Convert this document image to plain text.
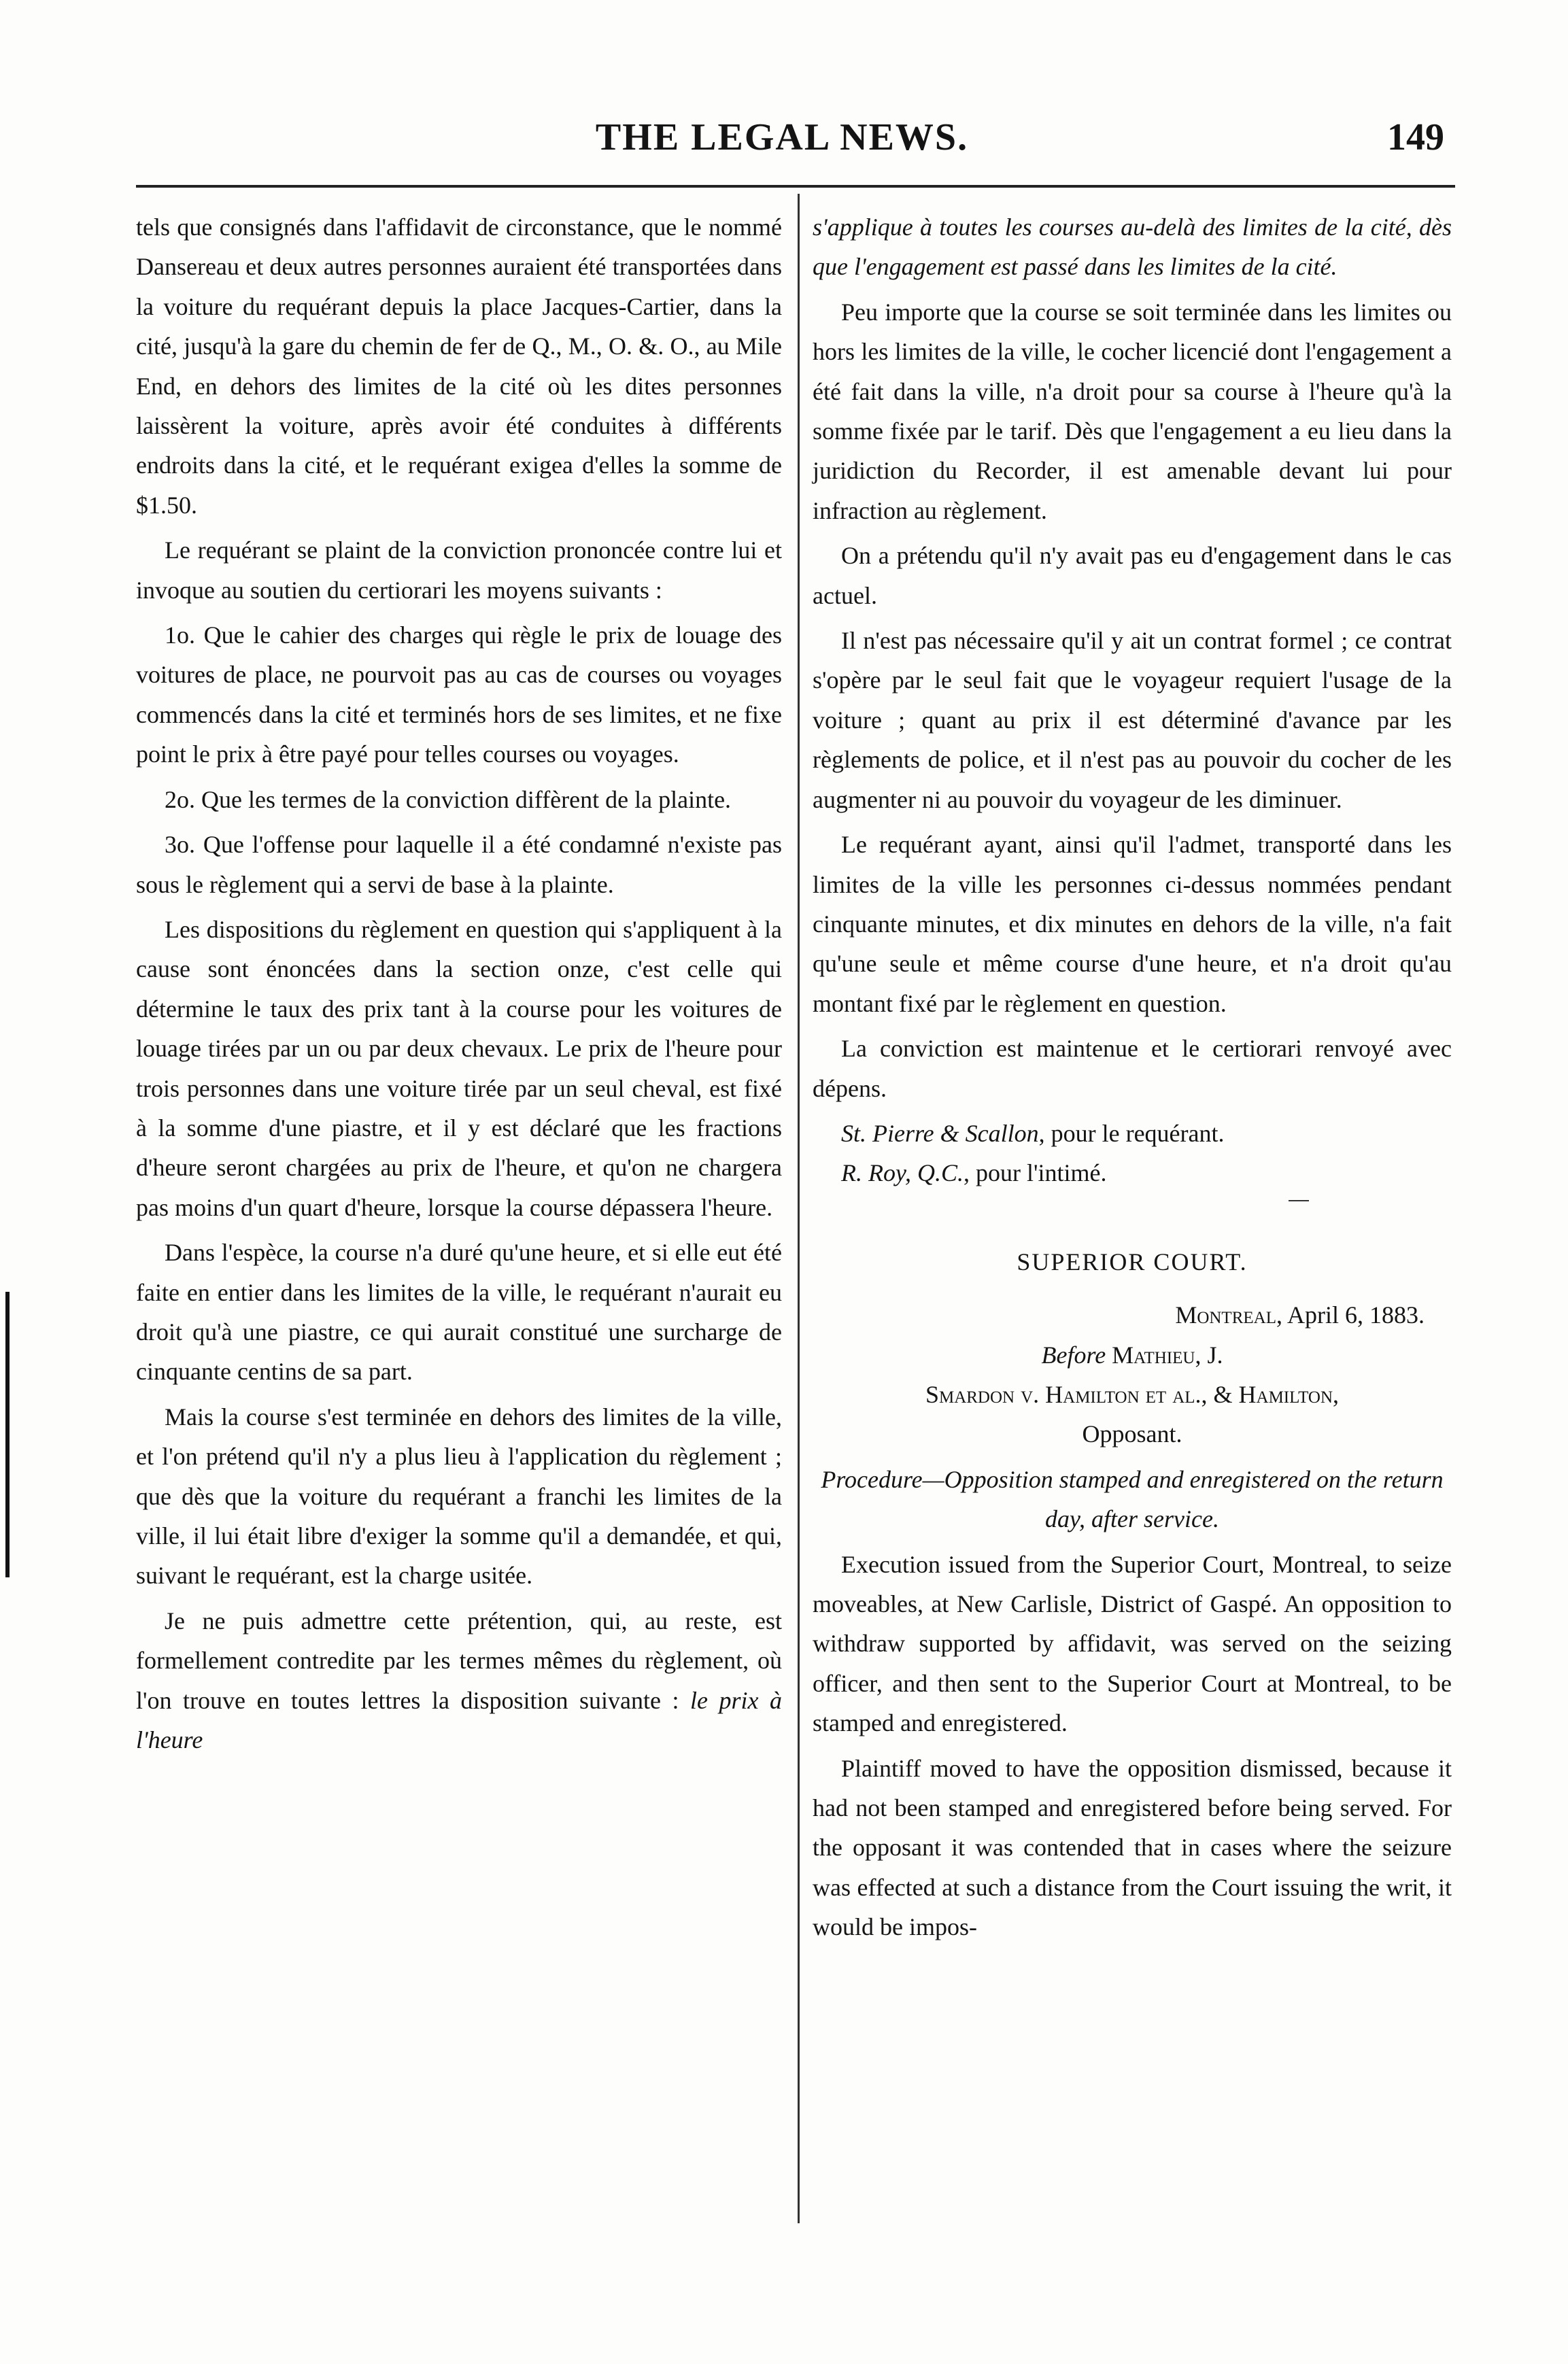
THE LEGAL NEWS.	149

tels que consignés dans l'affidavit de circonstance, que le nommé Dansereau et deux autres personnes auraient été transportées dans la voiture du requérant depuis la place Jacques-Cartier, dans la cité, jusqu'à la gare du chemin de fer de Q., M., O. &. O., au Mile End, en dehors des limites de la cité où les dites personnes laissèrent la voiture, après avoir été conduites à différents endroits dans la cité, et le requérant exigea d'elles la somme de $1.50.

Le requérant se plaint de la conviction prononcée contre lui et invoque au soutien du certiorari les moyens suivants :

1o. Que le cahier des charges qui règle le prix de louage des voitures de place, ne pourvoit pas au cas de courses ou voyages commencés dans la cité et terminés hors de ses limites, et ne fixe point le prix à être payé pour telles courses ou voyages.

2o. Que les termes de la conviction diffèrent de la plainte.

3o. Que l'offense pour laquelle il a été condamné n'existe pas sous le règlement qui a servi de base à la plainte.

Les dispositions du règlement en question qui s'appliquent à la cause sont énoncées dans la section onze, c'est celle qui détermine le taux des prix tant à la course pour les voitures de louage tirées par un ou par deux chevaux. Le prix de l'heure pour trois personnes dans une voiture tirée par un seul cheval, est fixé à la somme d'une piastre, et il y est déclaré que les fractions d'heure seront chargées au prix de l'heure, et qu'on ne chargera pas moins d'un quart d'heure, lorsque la course dépassera l'heure.

Dans l'espèce, la course n'a duré qu'une heure, et si elle eut été faite en entier dans les limites de la ville, le requérant n'aurait eu droit qu'à une piastre, ce qui aurait constitué une surcharge de cinquante centins de sa part.

Mais la course s'est terminée en dehors des limites de la ville, et l'on prétend qu'il n'y a plus lieu à l'application du règlement ; que dès que la voiture du requérant a franchi les limites de la ville, il lui était libre d'exiger la somme qu'il a demandée, et qui, suivant le requérant, est la charge usitée.

Je ne puis admettre cette prétention, qui, au reste, est formellement contredite par les termes mêmes du règlement, où l'on trouve en toutes lettres la disposition suivante : le prix à l'heure

s'applique à toutes les courses au-delà des limites de la cité, dès que l'engagement est passé dans les limites de la cité.

Peu importe que la course se soit terminée dans les limites ou hors les limites de la ville, le cocher licencié dont l'engagement a été fait dans la ville, n'a droit pour sa course à l'heure qu'à la somme fixée par le tarif. Dès que l'engagement a eu lieu dans la juridiction du Recorder, il est amenable devant lui pour infraction au règlement.

On a prétendu qu'il n'y avait pas eu d'engagement dans le cas actuel.

Il n'est pas nécessaire qu'il y ait un contrat formel ; ce contrat s'opère par le seul fait que le voyageur requiert l'usage de la voiture ; quant au prix il est déterminé d'avance par les règlements de police, et il n'est pas au pouvoir du cocher de les augmenter ni au pouvoir du voyageur de les diminuer.

Le requérant ayant, ainsi qu'il l'admet, transporté dans les limites de la ville les personnes ci-dessus nommées pendant cinquante minutes, et dix minutes en dehors de la ville, n'a fait qu'une seule et même course d'une heure, et n'a droit qu'au montant fixé par le règlement en question.

La conviction est maintenue et le certiorari renvoyé avec dépens.

St. Pierre & Scallon, pour le requérant.

R. Roy, Q.C., pour l'intimé.

SUPERIOR COURT.

Montreal, April 6, 1883.

Before Mathieu, J.

Smardon v. Hamilton et al., & Hamilton,

Opposant.

Procedure—Opposition stamped and enregistered on the return day, after service.

Execution issued from the Superior Court, Montreal, to seize moveables, at New Carlisle, District of Gaspé. An opposition to withdraw supported by affidavit, was served on the seizing officer, and then sent to the Superior Court at Montreal, to be stamped and enregistered.

Plaintiff moved to have the opposition dismissed, because it had not been stamped and enregistered before being served. For the opposant it was contended that in cases where the seizure was effected at such a distance from the Court issuing the writ, it would be impos-
